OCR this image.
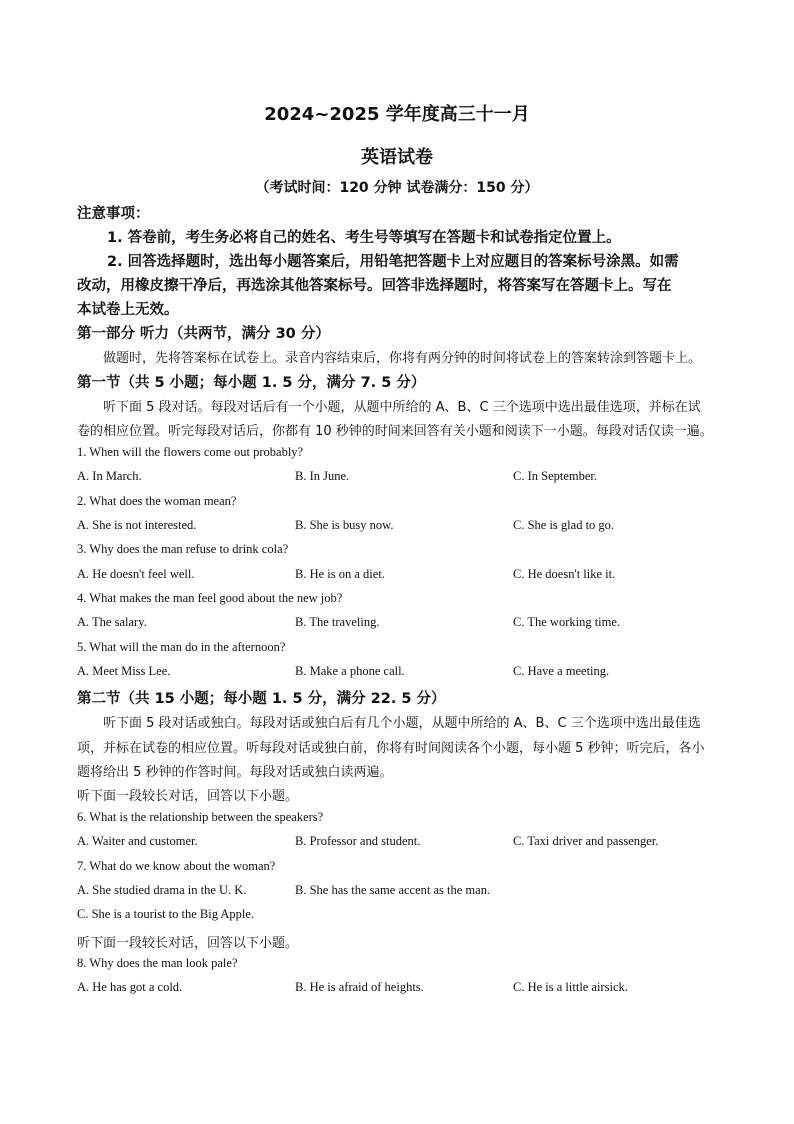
2024~2025 学年度高三十一月
英语试卷
（考试时间：120 分钟 试卷满分：150 分）
注意事项：
1. 答卷前，考生务必将自己的姓名、考生号等填写在答题卡和试卷指定位置上。
2. 回答选择题时，选出每小题答案后，用铅笔把答题卡上对应题目的答案标号涂黑。如需
改动，用橡皮擦干净后，再选涂其他答案标号。回答非选择题时，将答案写在答题卡上。写在
本试卷上无效。
第一部分 听力（共两节，满分 30 分）
做题时，先将答案标在试卷上。录音内容结束后，你将有两分钟的时间将试卷上的答案转涂到答题卡上。
第一节（共 5 小题；每小题 1. 5 分，满分 7. 5 分）
听下面 5 段对话。每段对话后有一个小题，从题中所给的 A、B、C 三个选项中选出最佳选项，并标在试
卷的相应位置。听完每段对话后，你都有 10 秒钟的时间来回答有关小题和阅读下一小题。每段对话仅读一遍。
1. When will the flowers come out probably?
A. In March.	B. In June.	C. In September.
2. What does the woman mean?
A. She is not interested.	B. She is busy now.	C. She is glad to go.
3. Why does the man refuse to drink cola?
A. He doesn't feel well.	B. He is on a diet.	C. He doesn't like it.
4. What makes the man feel good about the new job?
A. The salary.	B. The traveling.	C. The working time.
5. What will the man do in the afternoon?
A. Meet Miss Lee.	B. Make a phone call.	C. Have a meeting.
第二节（共 15 小题；每小题 1. 5 分，满分 22. 5 分）
听下面 5 段对话或独白。每段对话或独白后有几个小题，从题中所给的 A、B、C 三个选项中选出最佳选
项，并标在试卷的相应位置。听每段对话或独白前，你将有时间阅读各个小题，每小题 5 秒钟；听完后，各小
题将给出 5 秒钟的作答时间。每段对话或独白读两遍。
听下面一段较长对话，回答以下小题。
6. What is the relationship between the speakers?
A. Waiter and customer.	B. Professor and student.	C. Taxi driver and passenger.
7. What do we know about the woman?
A. She studied drama in the U. K.	B. She has the same accent as the man.
C. She is a tourist to the Big Apple.
听下面一段较长对话，回答以下小题。
8. Why does the man look pale?
A. He has got a cold.	B. He is afraid of heights.	C. He is a little airsick.
